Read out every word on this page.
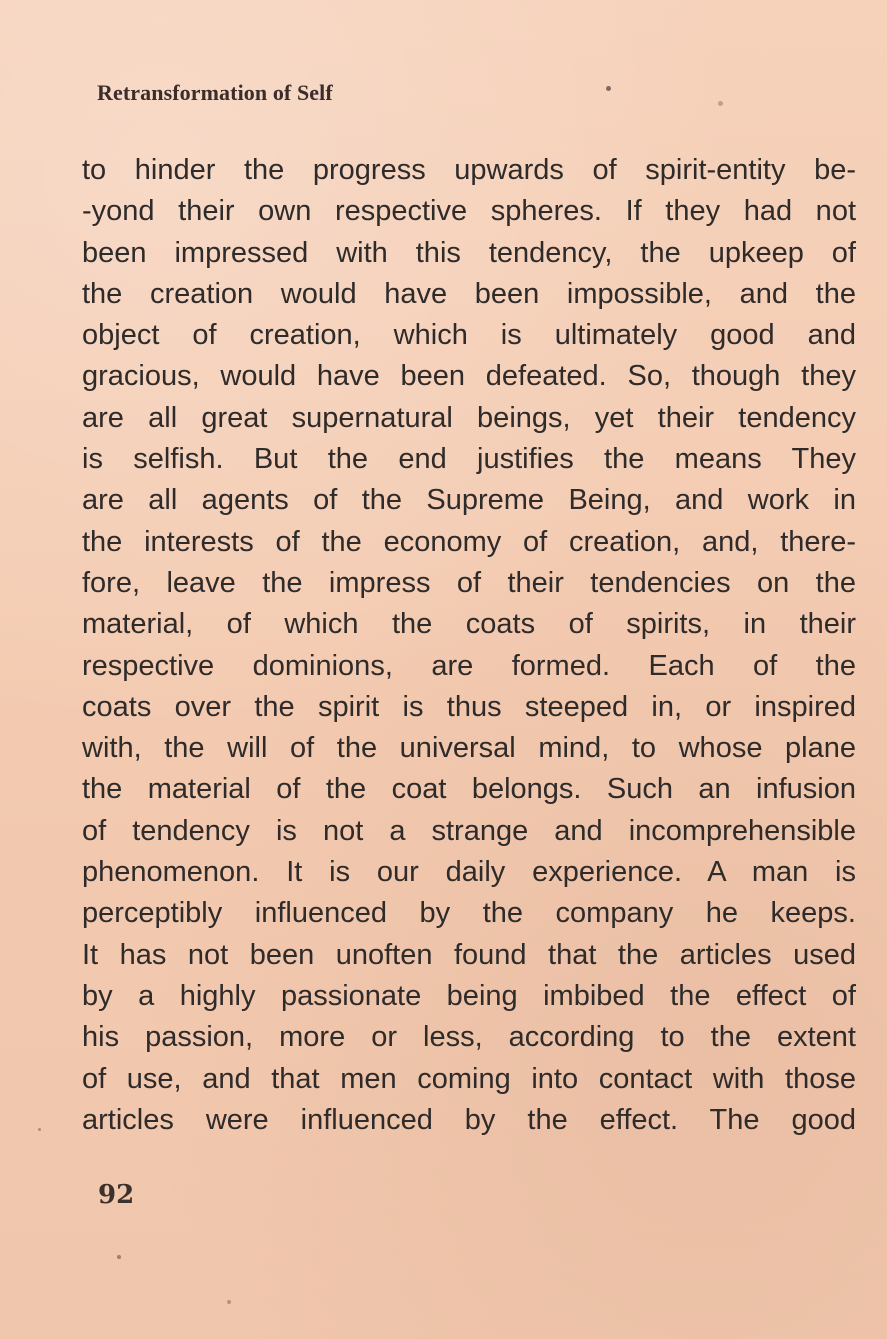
Retransformation of Self
to hinder the progress upwards of spirit-entity be-
-yond their own respective spheres. If they had not
been impressed with this tendency, the upkeep of
the creation would have been impossible, and the
object of creation, which is ultimately good and
gracious, would have been defeated. So, though they
are all great supernatural beings, yet their tendency
is selfish. But the end justifies the means They
are all agents of the Supreme Being, and work in
the interests of the economy of creation, and, there-
fore, leave the impress of their tendencies on the
material, of which the coats of spirits, in their
respective dominions, are formed. Each of the
coats over the spirit is thus steeped in, or inspired
with, the will of the universal mind, to whose plane
the material of the coat belongs. Such an infusion
of tendency is not a strange and incomprehensible
phenomenon. It is our daily experience. A man is
perceptibly influenced by the company he keeps.
It has not been unoften found that the articles used
by a highly passionate being imbibed the effect of
his passion, more or less, according to the extent
of use, and that men coming into contact with those
articles were influenced by the effect. The good
92
